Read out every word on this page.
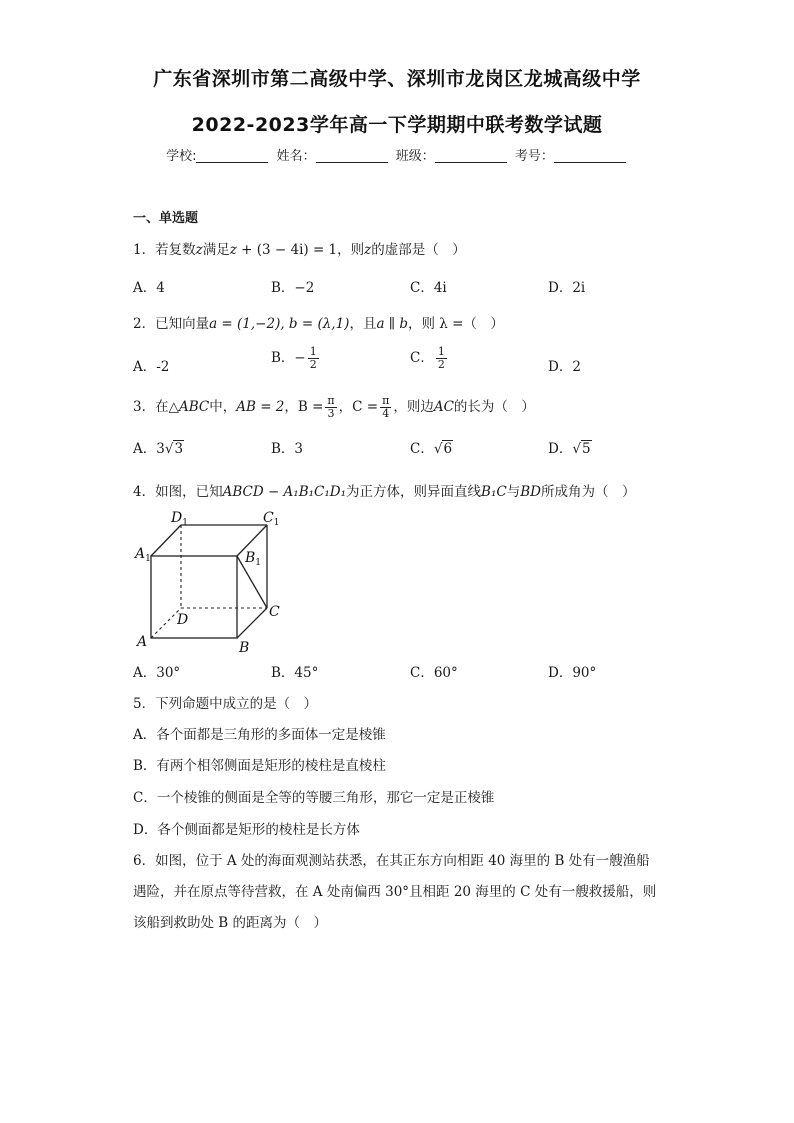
广东省深圳市第二高级中学、深圳市龙岗区龙城高级中学
2022-2023学年高一下学期期中联考数学试题
学校:	姓名：	班级：	考号：
一、单选题
1．若复数z满足z + (3 − 4i) = 1，则z的虚部是（　）
A．4	B．−2	C．4i	D．2i
2．已知向量a = (1,−2), b = (λ,1)，且a ∥ b，则 λ =（　）
A．-2
B．− $\frac{1}{2}$	C． $\frac{1}{2}$	D．2
3．在△ABC中，AB = 2，$B = \frac{\pi}{3}$ ，$C = \frac{\pi}{4}$ ，则边AC的长为（　）
A．3√3	B．3	C．√6	D．√5
4．如图，已知ABCD − A₁B₁C₁D₁为正方体，则异面直线B₁C与BD所成角为（　）
$D_1$	$C_1$
$A_1$	$B_1$
D	C
A	B
A．30°	B．45°	C．60°	D．90°
5．下列命题中成立的是（　）
A．各个面都是三角形的多面体一定是棱锥
B．有两个相邻侧面是矩形的棱柱是直棱柱
C．一个棱锥的侧面是全等的等腰三角形，那它一定是正棱锥
D．各个侧面都是矩形的棱柱是长方体
6．如图，位于 A 处的海面观测站获悉，在其正东方向相距 40 海里的 B 处有一艘渔船
遇险，并在原点等待营救，在 A 处南偏西 30°且相距 20 海里的 C 处有一艘救援船，则
该船到救助处 B 的距离为（　）
